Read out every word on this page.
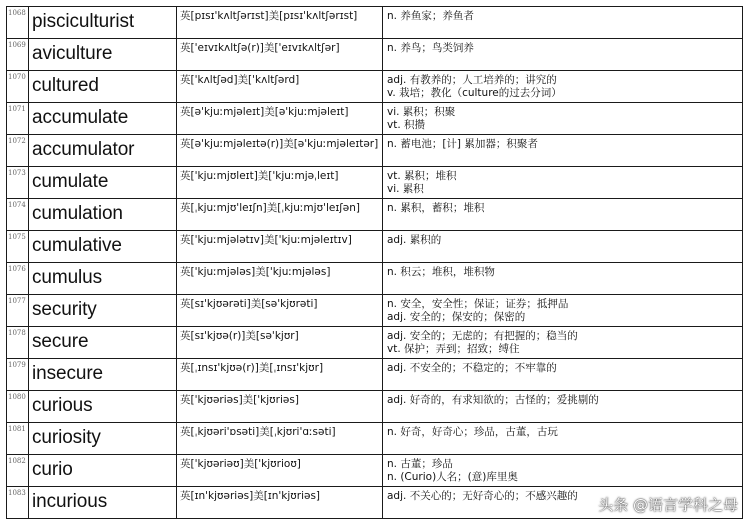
1068	pisciculturist	英[pɪsɪ'kʌltʃərɪst]美[pɪsɪ'kʌltʃərɪst]	n. 养鱼家；养鱼者

1069	aviculture	英['eɪvɪkʌltʃə(r)]美['eɪvɪkʌltʃər]	n. 养鸟；鸟类饲养

1070	cultured	英['kʌltʃəd]美['kʌltʃərd]	adj. 有教养的；人工培养的；讲究的
v. 栽培；教化（culture的过去分词）

1071	accumulate	英[ə'kjuːmjəleɪt]美[ə'kjuːmjəleɪt]	vi. 累积；积聚
vt. 积攒

1072	accumulator	英[ə'kjuːmjəleɪtə(r)]美[ə'kjuːmjəleɪtər]	n. 蓄电池；[计] 累加器；积聚者

1073	cumulate	英['kjuːmjʊleɪt]美['kjuːmjəˌleɪt]	vt. 累积；堆积
vi. 累积

1074	cumulation	英[ˌkjuːmjʊ'leɪʃn]美[ˌkjuːmjʊ'leɪʃən]	n. 累积，蓄积；堆积

1075	cumulative	英['kjuːmjələtɪv]美['kjuːmjəleɪtɪv]	adj. 累积的

1076	cumulus	英['kjuːmjələs]美['kjuːmjələs]	n. 积云；堆积，堆积物

1077	security	英[sɪ'kjʊərəti]美[sə'kjʊrəti]	n. 安全，安全性；保证；证券；抵押品
adj. 安全的；保安的；保密的

1078	secure	英[sɪ'kjʊə(r)]美[sə'kjʊr]	adj. 安全的；无虑的；有把握的；稳当的
vt. 保护；弄到；招致；缚住

1079	insecure	英[ˌɪnsɪ'kjʊə(r)]美[ˌɪnsɪ'kjʊr]	adj. 不安全的；不稳定的；不牢靠的

1080	curious	英['kjʊəriəs]美['kjʊriəs]	adj. 好奇的，有求知欲的；古怪的；爱挑剔的

1081	curiosity	英[ˌkjʊəri'ɒsəti]美[ˌkjʊri'ɑːsəti]	n. 好奇，好奇心；珍品，古董，古玩

1082	curio	英['kjʊəriəʊ]美['kjʊrioʊ]	n. 古董；珍品
n. (Curio)人名；(意)库里奥

1083	incurious	英[ɪn'kjʊəriəs]美[ɪn'kjʊriəs]	adj. 不关心的；无好奇心的；不感兴趣的	头条 @语言学科之母
